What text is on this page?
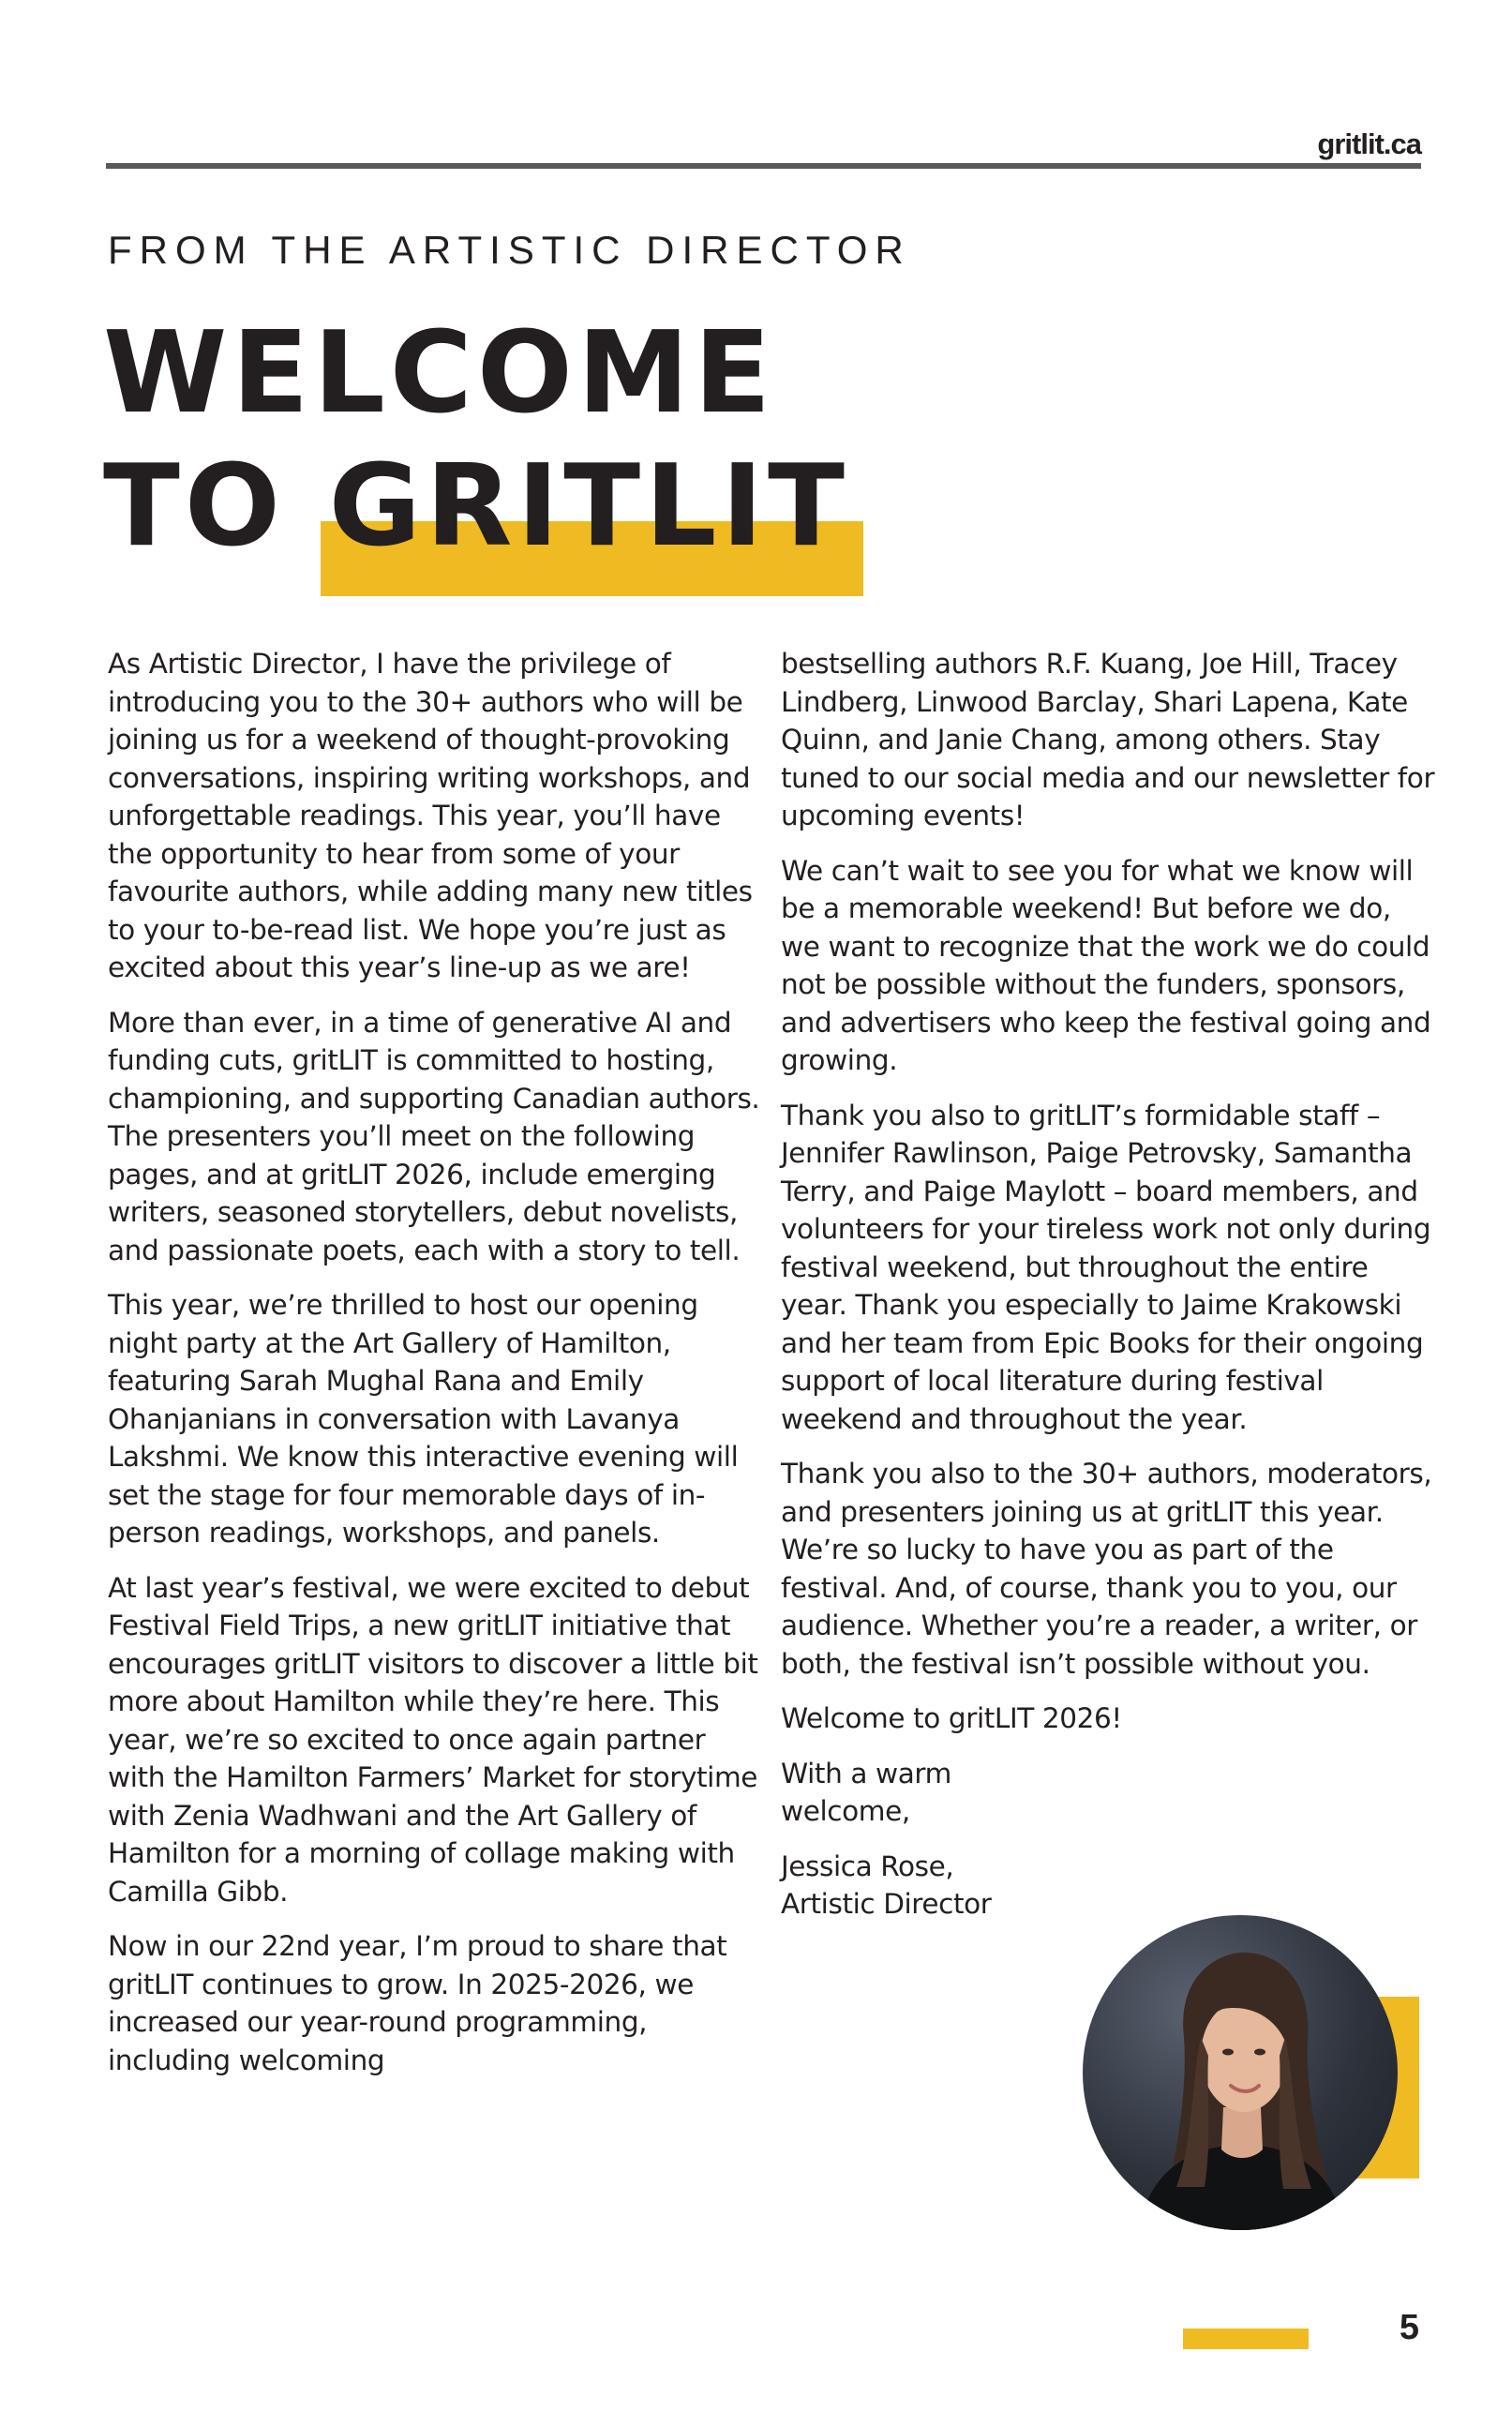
gritlit.ca
FROM THE ARTISTIC DIRECTOR
WELCOME
TO GRITLIT

As Artistic Director, I have the privilege of introducing you to the 30+ authors who will be joining us for a weekend of thought-provoking conversations, inspiring writing workshops, and unforgettable readings. This year, you’ll have the opportunity to hear from some of your favourite authors, while adding many new titles to your to-be-read list. We hope you’re just as excited about this year’s line-up as we are!

More than ever, in a time of generative AI and funding cuts, gritLIT is committed to hosting, championing, and supporting Canadian authors. The presenters you’ll meet on the following pages, and at gritLIT 2026, include emerging writers, seasoned storytellers, debut novelists, and passionate poets, each with a story to tell.

This year, we’re thrilled to host our opening night party at the Art Gallery of Hamilton, featuring Sarah Mughal Rana and Emily Ohanjanians in conversation with Lavanya Lakshmi. We know this interactive evening will set the stage for four memorable days of in-person readings, workshops, and panels.

At last year’s festival, we were excited to debut Festival Field Trips, a new gritLIT initiative that encourages gritLIT visitors to discover a little bit more about Hamilton while they’re here. This year, we’re so excited to once again partner with the Hamilton Farmers’ Market for storytime with Zenia Wadhwani and the Art Gallery of Hamilton for a morning of collage making with Camilla Gibb.

Now in our 22nd year, I’m proud to share that gritLIT continues to grow. In 2025-2026, we increased our year-round programming, including welcoming

bestselling authors R.F. Kuang, Joe Hill, Tracey Lindberg, Linwood Barclay, Shari Lapena, Kate Quinn, and Janie Chang, among others. Stay tuned to our social media and our newsletter for upcoming events!

We can’t wait to see you for what we know will be a memorable weekend! But before we do, we want to recognize that the work we do could not be possible without the funders, sponsors, and advertisers who keep the festival going and growing.

Thank you also to gritLIT’s formidable staff – Jennifer Rawlinson, Paige Petrovsky, Samantha Terry, and Paige Maylott – board members, and volunteers for your tireless work not only during festival weekend, but throughout the entire year. Thank you especially to Jaime Krakowski and her team from Epic Books for their ongoing support of local literature during festival weekend and throughout the year.

Thank you also to the 30+ authors, moderators, and presenters joining us at gritLIT this year. We’re so lucky to have you as part of the festival. And, of course, thank you to you, our audience. Whether you’re a reader, a writer, or both, the festival isn’t possible without you.

Welcome to gritLIT 2026!

With a warm
welcome,

Jessica Rose,
Artistic Director

5
